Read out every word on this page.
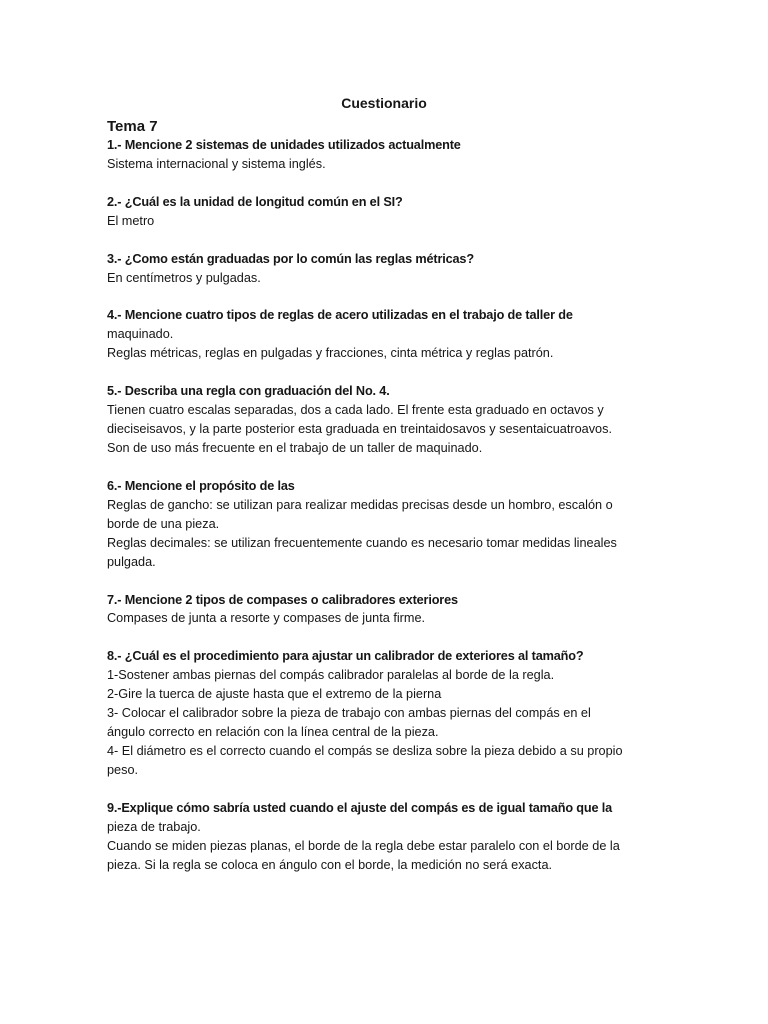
Cuestionario
Tema 7
1.- Mencione 2 sistemas de unidades utilizados actualmente
Sistema internacional y sistema inglés.
2.- ¿Cuál es la unidad de longitud común en el SI?
El metro
3.- ¿Como están graduadas por lo común las reglas métricas?
En centímetros y pulgadas.
4.- Mencione cuatro tipos de reglas de acero utilizadas en el trabajo de taller de
maquinado.
Reglas métricas, reglas en pulgadas y fracciones, cinta métrica y reglas patrón.
5.- Describa una regla con graduación del No. 4.
Tienen cuatro escalas separadas, dos a cada lado. El frente esta graduado en octavos y
dieciseisavos, y la parte posterior esta graduada en treintaidosavos y sesentaicuatroavos.
Son de uso más frecuente en el trabajo de un taller de maquinado.
6.- Mencione el propósito de las
Reglas de gancho: se utilizan para realizar medidas precisas desde un hombro, escalón o
borde de una pieza.
Reglas decimales: se utilizan frecuentemente cuando es necesario tomar medidas lineales
pulgada.
7.- Mencione 2 tipos de compases o calibradores exteriores
Compases de junta a resorte y compases de junta firme.
8.- ¿Cuál es el procedimiento para ajustar un calibrador de exteriores al tamaño?
1-Sostener ambas piernas del compás calibrador paralelas al borde de la regla.
2-Gire la tuerca de ajuste hasta que el extremo de la pierna
3- Colocar el calibrador sobre la pieza de trabajo con ambas piernas del compás en el
ángulo correcto en relación con la línea central de la pieza.
4- El diámetro es el correcto cuando el compás se desliza sobre la pieza debido a su propio
peso.
9.-Explique cómo sabría usted cuando el ajuste del compás es de igual tamaño que la
pieza de trabajo.
Cuando se miden piezas planas, el borde de la regla debe estar paralelo con el borde de la
pieza. Si la regla se coloca en ángulo con el borde, la medición no será exacta.
